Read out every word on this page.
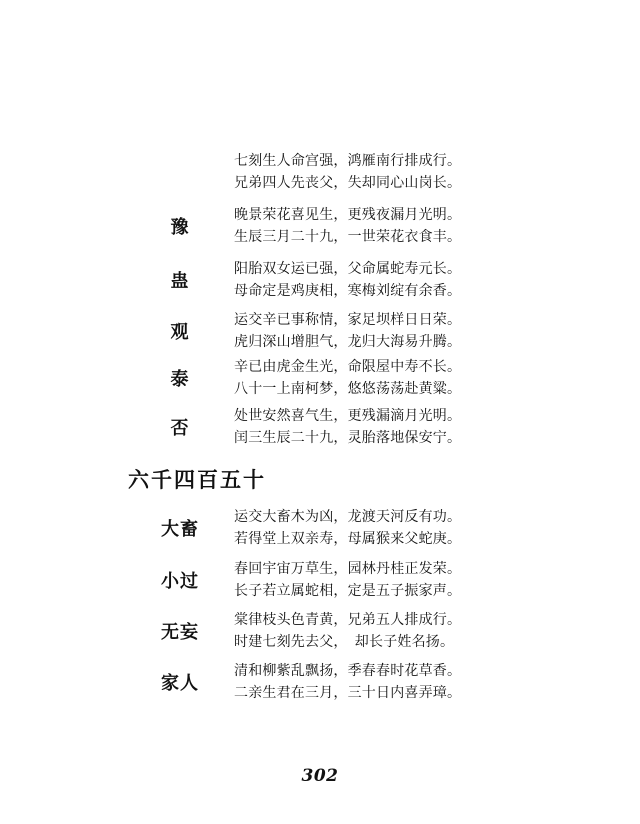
七刻生人命宫强，鸿雁南行排成行。
兄弟四人先丧父，失却同心山岗长。
豫
晚景荣花喜见生，更残夜漏月光明。
生辰三月二十九，一世荣花衣食丰。
蛊
阳胎双女运已强，父命属蛇寿元长。
母命定是鸡庚相，寒梅刘绽有余香。
观
运交辛已事称情，家足坝样日日荣。
虎归深山增胆气，龙归大海易升腾。
泰
辛已由虎金生光，命限屋中寿不长。
八十一上南柯梦，悠悠荡荡赴黄粱。
否
处世安然喜气生，更残漏滴月光明。
闰三生辰二十九，灵胎落地保安宁。
六千四百五十
大畜
运交大畜木为凶，龙渡天河反有功。
若得堂上双亲寿，母属猴来父蛇庚。
小过
春回宇宙万草生，园林丹桂正发荣。
长子若立属蛇相，定是五子振家声。
无妄
棠律枝头色青黄，兄弟五人排成行。
时建七刻先去父，　却长子姓名扬。
家人
清和柳紫乱飘扬，季春春时花草香。
二亲生君在三月，三十日内喜弄璋。
302
